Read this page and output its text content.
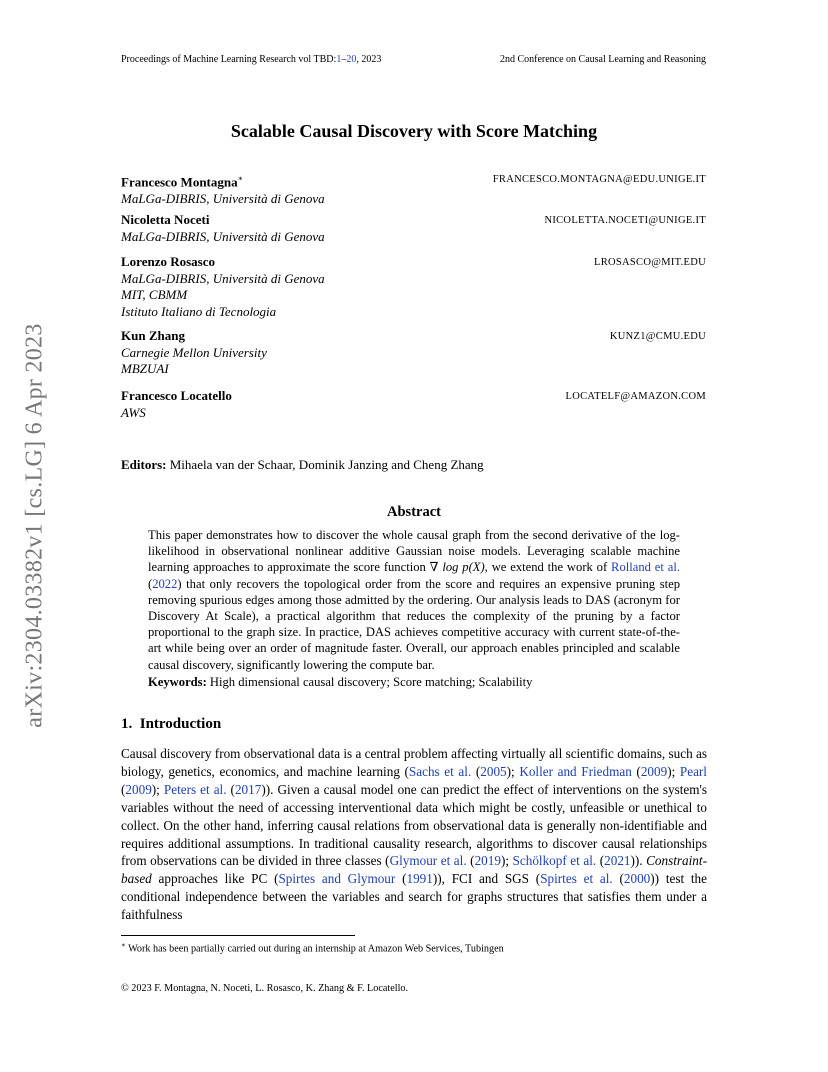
Proceedings of Machine Learning Research vol TBD:1–20, 2023	2nd Conference on Causal Learning and Reasoning
arXiv:2304.03382v1 [cs.LG] 6 Apr 2023
Scalable Causal Discovery with Score Matching
Francesco Montagna∗	FRANCESCO.MONTAGNA@EDU.UNIGE.IT
MaLGa-DIBRIS, Università di Genova
Nicoletta Noceti	NICOLETTA.NOCETI@UNIGE.IT
MaLGa-DIBRIS, Università di Genova
Lorenzo Rosasco	LROSASCO@MIT.EDU
MaLGa-DIBRIS, Università di Genova
MIT, CBMM
Istituto Italiano di Tecnologia
Kun Zhang	KUNZ1@CMU.EDU
Carnegie Mellon University
MBZUAI
Francesco Locatello	LOCATELF@AMAZON.COM
AWS
Editors: Mihaela van der Schaar, Dominik Janzing and Cheng Zhang
Abstract
This paper demonstrates how to discover the whole causal graph from the second derivative of the log-likelihood in observational nonlinear additive Gaussian noise models. Leveraging scalable machine learning approaches to approximate the score function ∇ log p(X), we extend the work of Rolland et al. (2022) that only recovers the topological order from the score and requires an expensive pruning step removing spurious edges among those admitted by the ordering. Our analysis leads to DAS (acronym for Discovery At Scale), a practical algorithm that reduces the complexity of the pruning by a factor proportional to the graph size. In practice, DAS achieves competitive accuracy with current state-of-the-art while being over an order of magnitude faster. Overall, our approach enables principled and scalable causal discovery, significantly lowering the compute bar.
Keywords: High dimensional causal discovery; Score matching; Scalability
1. Introduction
Causal discovery from observational data is a central problem affecting virtually all scientific domains, such as biology, genetics, economics, and machine learning (Sachs et al. (2005); Koller and Friedman (2009); Pearl (2009); Peters et al. (2017)). Given a causal model one can predict the effect of interventions on the system's variables without the need of accessing interventional data which might be costly, unfeasible or unethical to collect. On the other hand, inferring causal relations from observational data is generally non-identifiable and requires additional assumptions. In traditional causality research, algorithms to discover causal relationships from observations can be divided in three classes (Glymour et al. (2019); Schölkopf et al. (2021)). Constraint-based approaches like PC (Spirtes and Glymour (1991)), FCI and SGS (Spirtes et al. (2000)) test the conditional independence between the variables and search for graphs structures that satisfies them under a faithfulness
∗ Work has been partially carried out during an internship at Amazon Web Services, Tubingen
© 2023 F. Montagna, N. Noceti, L. Rosasco, K. Zhang & F. Locatello.
